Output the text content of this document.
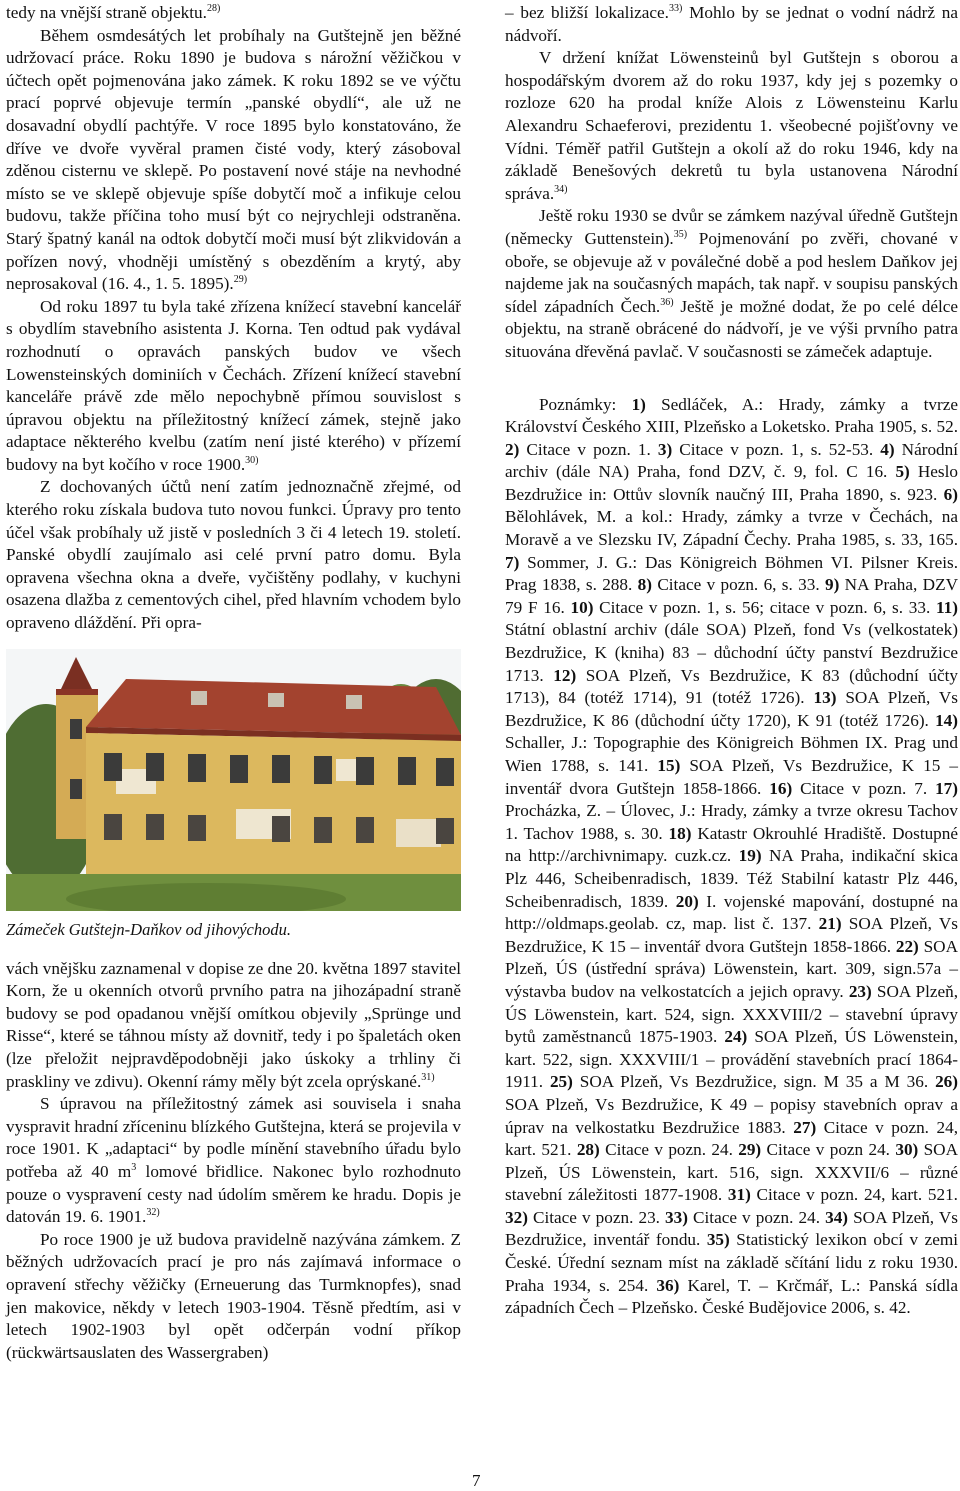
tedy na vnější straně objektu.$^{28)}$

Během osmdesátých let probíhaly na Gutštejně jen běžné udržovací práce. Roku 1890 je budova s nárožní věžičkou v účtech opět pojmenována jako zámek. K roku 1892 se ve výčtu prací poprvé objevuje termín „panské obydlí“, ale už ne dosavadní obydlí pachtýře. V roce 1895 bylo konstatováno, že dříve ve dvoře vyvěral pramen čisté vody, který zásoboval zděnou cisternu ve sklepě. Po postavení nové stáje na nevhodné místo se ve sklepě objevuje spíše dobytčí moč a infikuje celou budovu, takže příčina toho musí být co nejrychleji odstraněna. Starý špatný kanál na odtok dobytčí moči musí být zlikvidován a pořízen nový, vhodněji umístěný s obezděním a krytý, aby neprosakoval (16. 4., 1. 5. 1895).$^{29)}$

Od roku 1897 tu byla také zřízena knížecí stavební kancelář s obydlím stavebního asistenta J. Korna. Ten odtud pak vydával rozhodnutí o opravách panských budov ve všech Lowensteinských dominiích v Čechách. Zřízení knížecí stavební kanceláře právě zde mělo nepochybně přímou souvislost s úpravou objektu na příležitostný knížecí zámek, stejně jako adaptace některého kvelbu (zatím není jisté kterého) v přízemí budovy na byt kočího v roce 1900.$^{30)}$

Z dochovaných účtů není zatím jednoznačně zřejmé, od kterého roku získala budova tuto novou funkci. Úpravy pro tento účel však probíhaly už jistě v posledních 3 či 4 letech 19. století. Panské obydlí zaujímalo asi celé první patro domu. Byla opravena všechna okna a dveře, vyčištěny podlahy, v kuchyni osazena dlažba z cementových cihel, před hlavním vchodem bylo opraveno dláždění. Při opra-

Zámeček Gutštejn-Daňkov od jihovýchodu.

vách vnějšku zaznamenal v dopise ze dne 20. května 1897 stavitel Korn, že u okenních otvorů prvního patra na jihozápadní straně budovy se pod opadanou vnější omítkou objevily „Sprünge und Risse“, které se táhnou místy až dovnitř, tedy i po špaletách oken (lze přeložit nejpravděpodobněji jako úskoky a trhliny či praskliny ve zdivu). Okenní rámy měly být zcela oprýskané.$^{31)}$

S úpravou na příležitostný zámek asi souvisela i snaha vyspravit hradní zříceninu blízkého Gutštejna, která se projevila v roce 1901. K „adaptaci“ by podle mínění stavebního úřadu bylo potřeba až 40 $m^3$ lomové břidlice. Nakonec bylo rozhodnuto pouze o vyspravení cesty nad údolím směrem ke hradu. Dopis je datován 19. 6. 1901.$^{32)}$

Po roce 1900 je už budova pravidelně nazývána zámkem. Z běžných udržovacích prací je pro nás zajímavá informace o opravení střechy věžičky (Erneuerung das Turmknopfes), snad jen makovice, někdy v letech 1903-1904. Těsně předtím, asi v letech 1902-1903 byl opět odčerpán vodní příkop (rückwärtsauslaten des Wassergraben)

– bez bližší lokalizace.$^{33)}$ Mohlo by se jednat o vodní nádrž na nádvoří.

V držení knížat Löwensteinů byl Gutštejn s oborou a hospodářským dvorem až do roku 1937, kdy jej s pozemky o rozloze 620 ha prodal kníže Alois z Löwensteinu Karlu Alexandru Schaeferovi, prezidentu 1. všeobecné pojišťovny ve Vídni. Téměř patřil Gutštejn a okolí až do roku 1946, kdy na základě Benešových dekretů tu byla ustanovena Národní správa.$^{34)}$

Ještě roku 1930 se dvůr se zámkem nazýval úředně Gutštejn (německy Guttenstein).$^{35)}$ Pojmenování po zvěři, chované v oboře, se objevuje až v poválečné době a pod heslem Daňkov jej najdeme jak na současných mapách, tak např. v soupisu panských sídel západních Čech.$^{36)}$ Ještě je možné dodat, že po celé délce objektu, na straně obrácené do nádvoří, je ve výši prvního patra situována dřevěná pavlač. V současnosti se zámeček adaptuje.

Poznámky: 1) Sedláček, A.: Hrady, zámky a tvrze Království Českého XIII, Plzeňsko a Loketsko. Praha 1905, s. 52. 2) Citace v pozn. 1. 3) Citace v pozn. 1, s. 52-53. 4) Národní archiv (dále NA) Praha, fond DZV, č. 9, fol. C 16. 5) Heslo Bezdružice in: Ottův slovník naučný III, Praha 1890, s. 923. 6) Bělohlávek, M. a kol.: Hrady, zámky a tvrze v Čechách, na Moravě a ve Slezsku IV, Západní Čechy. Praha 1985, s. 33, 165. 7) Sommer, J. G.: Das Königreich Böhmen VI. Pilsner Kreis. Prag 1838, s. 288. 8) Citace v pozn. 6, s. 33. 9) NA Praha, DZV 79 F 16. 10) Citace v pozn. 1, s. 56; citace v pozn. 6, s. 33. 11) Státní oblastní archiv (dále SOA) Plzeň, fond Vs (velkostatek) Bezdružice, K (kniha) 83 – důchodní účty panství Bezdružice 1713. 12) SOA Plzeň, Vs Bezdružice, K 83 (důchodní účty 1713), 84 (totéž 1714), 91 (totéž 1726). 13) SOA Plzeň, Vs Bezdružice, K 86 (důchodní účty 1720), K 91 (totéž 1726). 14) Schaller, J.: Topographie des Königreich Böhmen IX. Prag und Wien 1788, s. 141. 15) SOA Plzeň, Vs Bezdružice, K 15 – inventář dvora Gutštejn 1858-1866. 16) Citace v pozn. 7. 17) Procházka, Z. – Úlovec, J.: Hrady, zámky a tvrze okresu Tachov 1. Tachov 1988, s. 30. 18) Katastr Okrouhlé Hradiště. Dostupné na http://archivnimapy. cuzk.cz. 19) NA Praha, indikační skica Plz 446, Scheibenradisch, 1839. Též Stabilní katastr Plz 446, Scheibenradisch, 1839. 20) I. vojenské mapování, dostupné na http://oldmaps.geolab. cz, map. list č. 137. 21) SOA Plzeň, Vs Bezdružice, K 15 – inventář dvora Gutštejn 1858-1866. 22) SOA Plzeň, ÚS (ústřední správa) Löwenstein, kart. 309, sign.57a – výstavba budov na velkostatcích a jejich opravy. 23) SOA Plzeň, ÚS Löwenstein, kart. 524, sign. XXXVIII/2 – stavební úpravy bytů zaměstnanců 1875-1903. 24) SOA Plzeň, ÚS Löwenstein, kart. 522, sign. XXXVIII/1 – provádění stavebních prací 1864-1911. 25) SOA Plzeň, Vs Bezdružice, sign. M 35 a M 36. 26) SOA Plzeň, Vs Bezdružice, K 49 – popisy stavebních oprav a úprav na velkostatku Bezdružice 1883. 27) Citace v pozn. 24, kart. 521. 28) Citace v pozn. 24. 29) Citace v pozn 24. 30) SOA Plzeň, ÚS Löwenstein, kart. 516, sign. XXXVII/6 – různé stavební záležitosti 1877-1908. 31) Citace v pozn. 24, kart. 521. 32) Citace v pozn. 23. 33) Citace v pozn. 24. 34) SOA Plzeň, Vs Bezdružice, inventář fondu. 35) Statistický lexikon obcí v zemi České. Úřední seznam míst na základě sčítání lidu z roku 1930. Praha 1934, s. 254. 36) Karel, T. – Krčmář, L.: Panská sídla západních Čech – Plzeňsko. České Budějovice 2006, s. 42.

7
